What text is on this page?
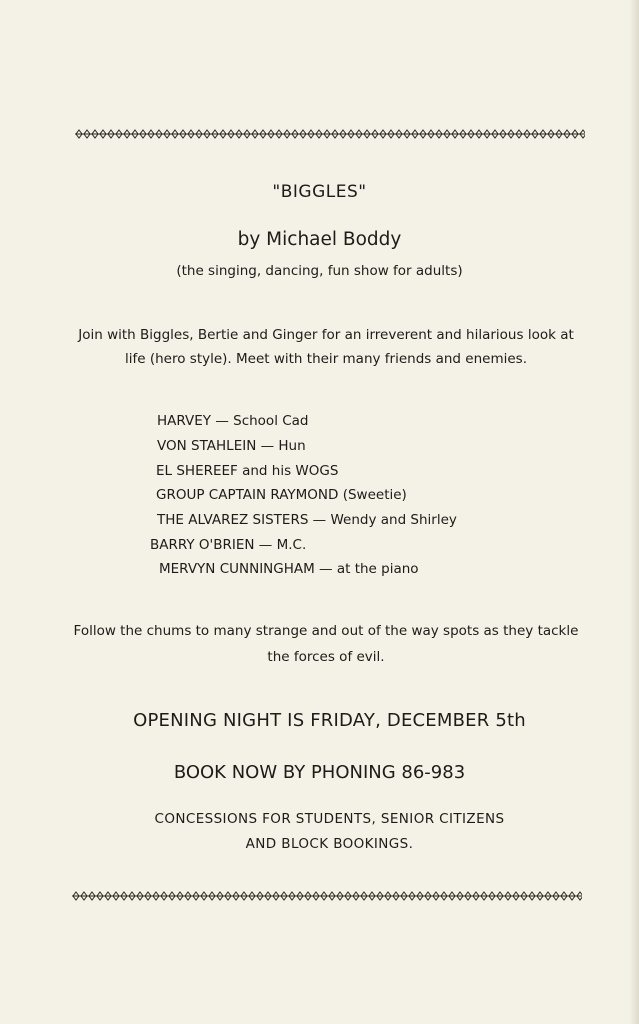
"BIGGLES"
by Michael Boddy
(the singing, dancing, fun show for adults)
Join with Biggles, Bertie and Ginger for an irreverent and hilarious look at life (hero style). Meet with their many friends and enemies.
HARVEY — School Cad
VON STAHLEIN — Hun
EL SHEREEF and his WOGS
GROUP CAPTAIN RAYMOND (Sweetie)
THE ALVAREZ SISTERS — Wendy and Shirley
BARRY O'BRIEN — M.C.
MERVYN CUNNINGHAM — at the piano
Follow the chums to many strange and out of the way spots as they tackle the forces of evil.
OPENING NIGHT IS FRIDAY, DECEMBER 5th
BOOK NOW BY PHONING 86-983
CONCESSIONS FOR STUDENTS, SENIOR CITIZENS
AND BLOCK BOOKINGS.
